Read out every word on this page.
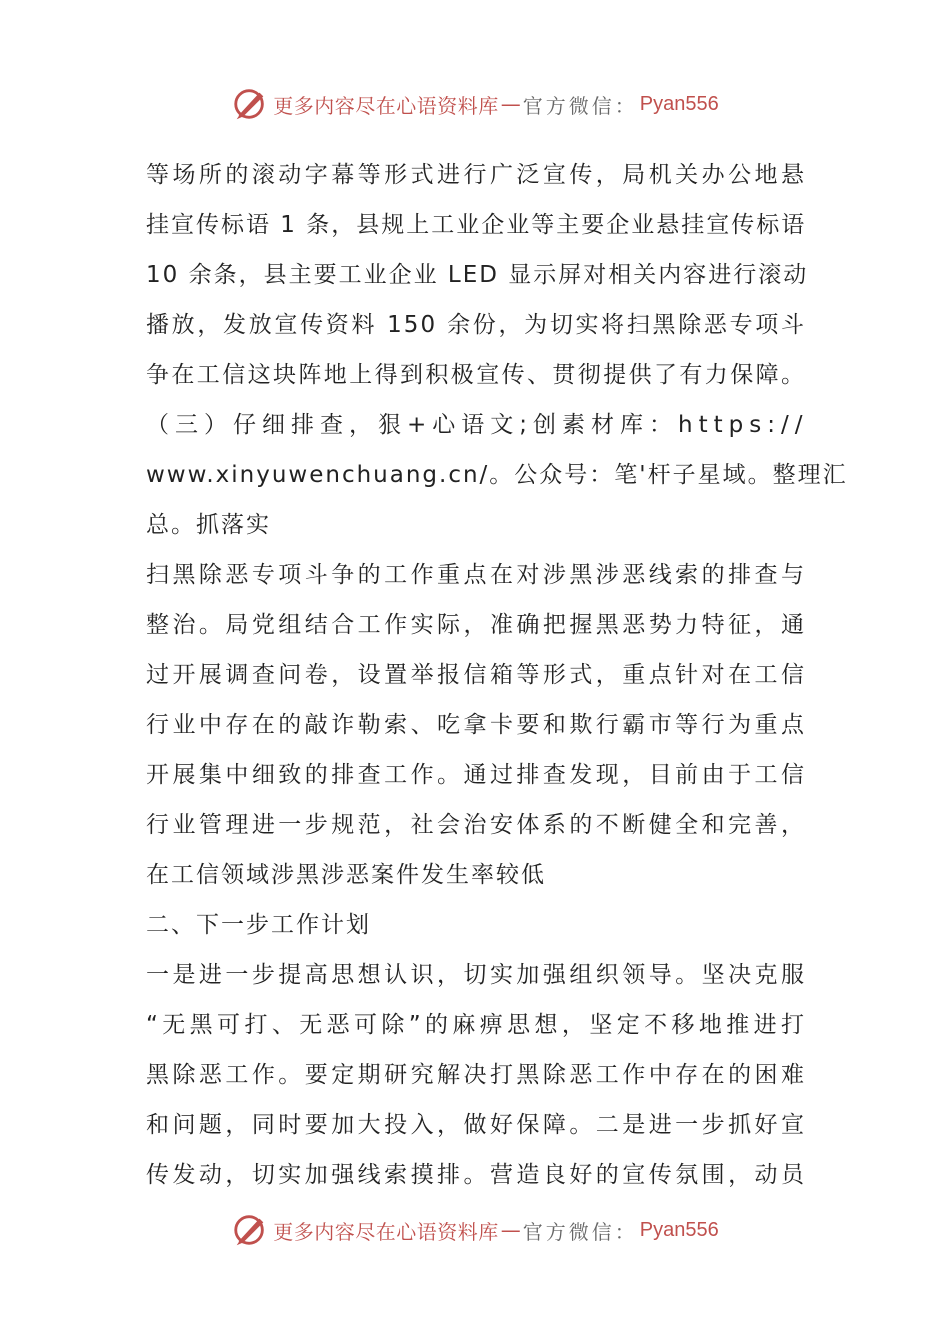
更多内容尽在心语资料库 — 官方微信： Pyan556
等场所的滚动字幕等形式进行广泛宣传，局机关办公地悬
挂宣传标语 1 条，县规上工业企业等主要企业悬挂宣传标语
10 余条，县主要工业企业 LED 显示屏对相关内容进行滚动
播放，发放宣传资料 150 余份，为切实将扫黑除恶专项斗
争在工信这块阵地上得到积极宣传、贯彻提供了有力保障。
（三）仔细排查，狠+心语文;创素材库：https://
www.xinyuwenchuang.cn/。公众号：笔'杆子星域。整理汇
总。抓落实
扫黑除恶专项斗争的工作重点在对涉黑涉恶线索的排查与
整治。局党组结合工作实际，准确把握黑恶势力特征，通
过开展调查问卷，设置举报信箱等形式，重点针对在工信
行业中存在的敲诈勒索、吃拿卡要和欺行霸市等行为重点
开展集中细致的排查工作。通过排查发现，目前由于工信
行业管理进一步规范，社会治安体系的不断健全和完善，
在工信领域涉黑涉恶案件发生率较低
二、下一步工作计划
一是进一步提高思想认识，切实加强组织领导。坚决克服
“无黑可打、无恶可除”的麻痹思想，坚定不移地推进打
黑除恶工作。要定期研究解决打黑除恶工作中存在的困难
和问题，同时要加大投入，做好保障。二是进一步抓好宣
传发动，切实加强线索摸排。营造良好的宣传氛围，动员
更多内容尽在心语资料库 — 官方微信： Pyan556
